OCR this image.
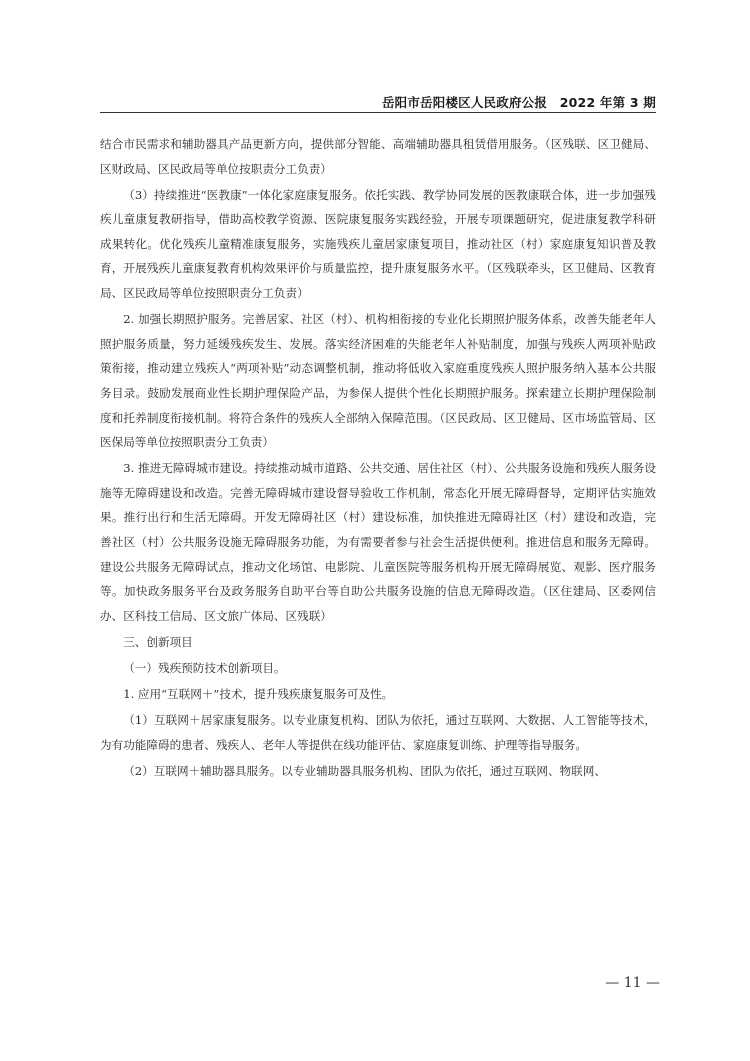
岳阳市岳阳楼区人民政府公报　2022 年第 3 期

结合市民需求和辅助器具产品更新方向，提供部分智能、高端辅助器具租赁借用服务。（区残联、区卫健局、区财政局、区民政局等单位按职责分工负责）

（3）持续推进“医教康”一体化家庭康复服务。依托实践、教学协同发展的医教康联合体，进一步加强残疾儿童康复教研指导，借助高校教学资源、医院康复服务实践经验，开展专项课题研究，促进康复教学科研成果转化。优化残疾儿童精准康复服务，实施残疾儿童居家康复项目，推动社区（村）家庭康复知识普及教育，开展残疾儿童康复教育机构效果评价与质量监控，提升康复服务水平。（区残联牵头，区卫健局、区教育局、区民政局等单位按照职责分工负责）

2. 加强长期照护服务。完善居家、社区（村）、机构相衔接的专业化长期照护服务体系，改善失能老年人照护服务质量，努力延缓残疾发生、发展。落实经济困难的失能老年人补贴制度，加强与残疾人两项补贴政策衔接，推动建立残疾人“两项补贴”动态调整机制，推动将低收入家庭重度残疾人照护服务纳入基本公共服务目录。鼓励发展商业性长期护理保险产品，为参保人提供个性化长期照护服务。探索建立长期护理保险制度和托养制度衔接机制。将符合条件的残疾人全部纳入保障范围。（区民政局、区卫健局、区市场监管局、区医保局等单位按照职责分工负责）

3. 推进无障碍城市建设。持续推动城市道路、公共交通、居住社区（村）、公共服务设施和残疾人服务设施等无障碍建设和改造。完善无障碍城市建设督导验收工作机制，常态化开展无障碍督导，定期评估实施效果。推行出行和生活无障碍。开发无障碍社区（村）建设标准，加快推进无障碍社区（村）建设和改造，完善社区（村）公共服务设施无障碍服务功能，为有需要者参与社会生活提供便利。推进信息和服务无障碍。建设公共服务无障碍试点，推动文化场馆、电影院、儿童医院等服务机构开展无障碍展览、观影、医疗服务等。加快政务服务平台及政务服务自助平台等自助公共服务设施的信息无障碍改造。（区住建局、区委网信办、区科技工信局、区文旅广体局、区残联）

三、创新项目

（一）残疾预防技术创新项目。

1. 应用“互联网＋”技术，提升残疾康复服务可及性。

（1）互联网＋居家康复服务。以专业康复机构、团队为依托，通过互联网、大数据、人工智能等技术，为有功能障碍的患者、残疾人、老年人等提供在线功能评估、家庭康复训练、护理等指导服务。

（2）互联网＋辅助器具服务。以专业辅助器具服务机构、团队为依托，通过互联网、物联网、

— 11 —
